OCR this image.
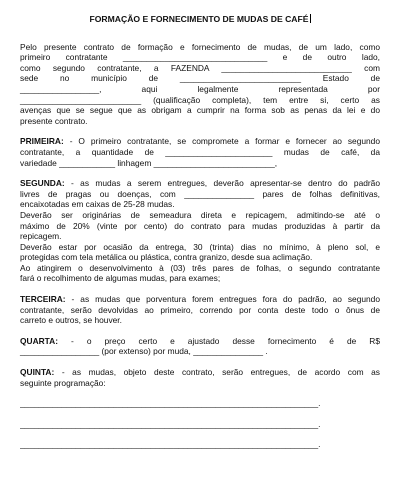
FORMAÇÃO E FORNECIMENTO DE MUDAS DE CAFÉ
Pelo presente contrato de formação e fornecimento de mudas, de um lado, como
primeiro contratante _______________________________ e de outro lado,
como segundo contratante, a FAZENDA ____________________________ com
sede no município de __________________________ Estado de
_________________, aqui legalmente representada por
__________________________ (qualificação completa), tem entre si, certo as
avenças que se segue que as obrigam a cumprir na forma sob as penas da lei e do
presente contrato.
PRIMEIRA: - O primeiro contratante, se compromete a formar e fornecer ao segundo
contratante, a quantidade de _______________________ mudas de café, da
variedade ____________ linhagem __________________________,
SEGUNDA: - as mudas a serem entregues, deverão apresentar-se dentro do padrão
livres de pragas ou doenças, com _______________ pares de folhas definitivas,
encaixotadas em caixas de 25-28 mudas.
Deverão ser originárias de semeadura direta e repicagem, admitindo-se até o
máximo de 20% (vinte por cento) do contrato para mudas produzidas à partir da
repicagem.
Deverão estar por ocasião da entrega, 30 (trinta) dias no mínimo, à pleno sol, e
protegidas com tela metálica ou plástica, contra granizo, desde sua aclimação.
Ao atingirem o desenvolvimento à (03) três pares de folhas, o segundo contratante
fará o recolhimento de algumas mudas, para exames;
TERCEIRA: - as mudas que porventura forem entregues fora do padrão, ao segundo
contratante, serão devolvidas ao primeiro, correndo por conta deste todo o ônus de
carreto e outros, se houver.
QUARTA: - o preço certo e ajustado desse fornecimento é de R$
_________________ (por extenso) por muda, _______________ .
QUINTA: - as mudas, objeto deste contrato, serão entregues, de acordo com as
seguinte programação:
________________________________________________________________.
________________________________________________________________.
________________________________________________________________.
